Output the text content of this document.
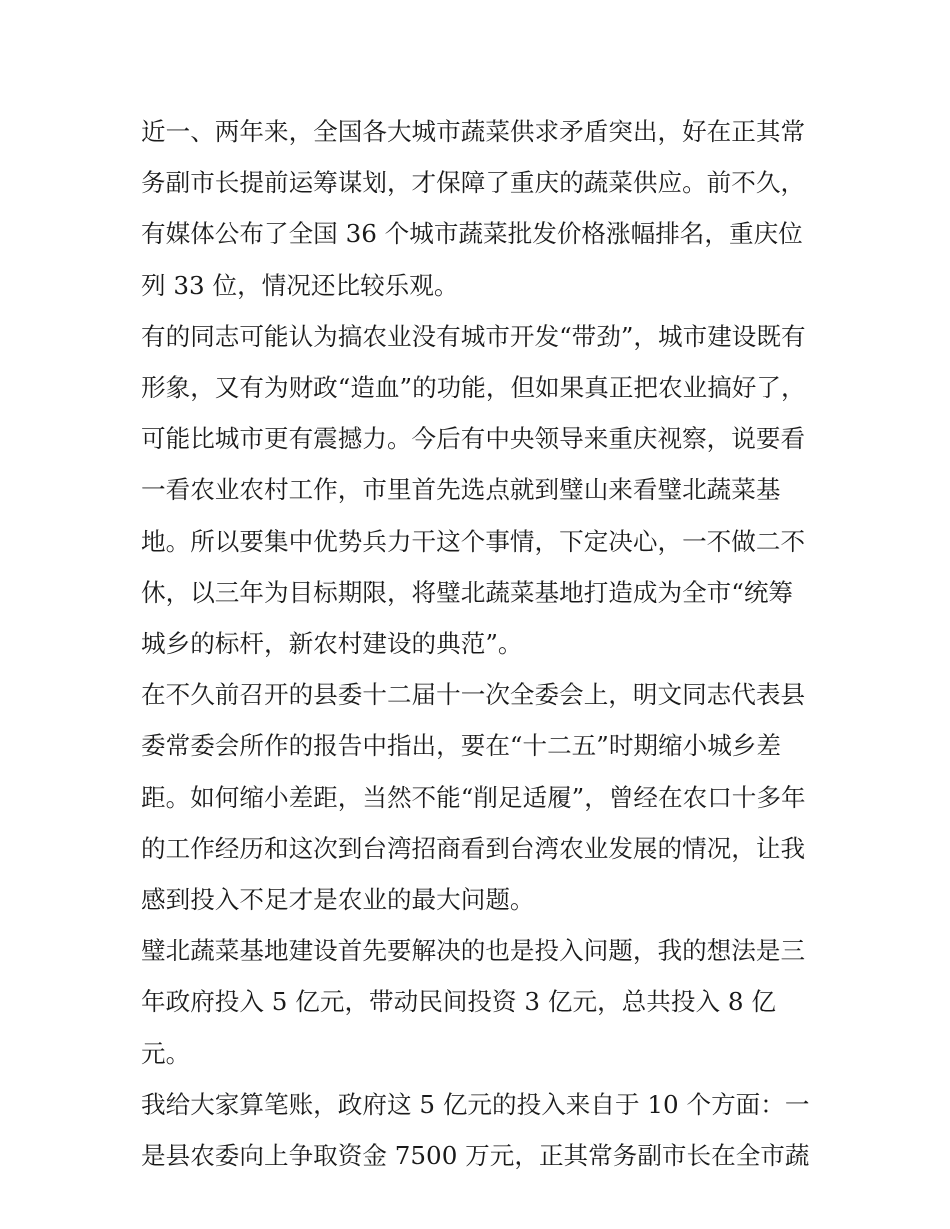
近一、两年来，全国各大城市蔬菜供求矛盾突出，好在正其常
务副市长提前运筹谋划，才保障了重庆的蔬菜供应。前不久，
有媒体公布了全国 36 个城市蔬菜批发价格涨幅排名，重庆位
列 33 位，情况还比较乐观。

有的同志可能认为搞农业没有城市开发“带劲”，城市建设既有
形象，又有为财政“造血”的功能，但如果真正把农业搞好了，
可能比城市更有震撼力。今后有中央领导来重庆视察，说要看
一看农业农村工作，市里首先选点就到璧山来看璧北蔬菜基
地。所以要集中优势兵力干这个事情，下定决心，一不做二不
休，以三年为目标期限，将璧北蔬菜基地打造成为全市“统筹
城乡的标杆，新农村建设的典范”。

在不久前召开的县委十二届十一次全委会上，明文同志代表县
委常委会所作的报告中指出，要在“十二五”时期缩小城乡差
距。如何缩小差距，当然不能“削足适履”，曾经在农口十多年
的工作经历和这次到台湾招商看到台湾农业发展的情况，让我
感到投入不足才是农业的最大问题。

璧北蔬菜基地建设首先要解决的也是投入问题，我的想法是三
年政府投入 5 亿元，带动民间投资 3 亿元，总共投入 8 亿元。
我给大家算笔账，政府这 5 亿元的投入来自于 10 个方面：一
是县农委向上争取资金 7500 万元，正其常务副市长在全市蔬
